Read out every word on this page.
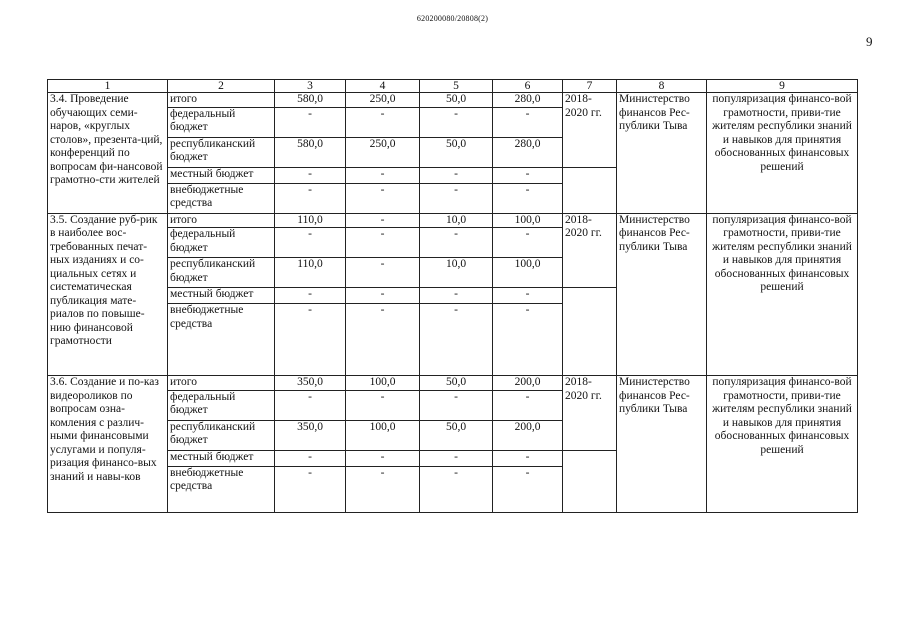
620200080/20808(2)
9
1	2	3	4	5	6	7	8	9
3.4. Проведение обучающих семи-наров, «круглых столов», презента-ций, конференций по вопросам фи-нансовой грамотно-сти жителей	итого	580,0	250,0	50,0	280,0	2018-2020 гг.	Министерство финансов Рес-публики Тыва	популяризация финансо-вой грамотности, приви-тие жителям республики знаний и навыков для принятия обоснованных финансовых решений
	федеральный бюджет	-	-	-	-			
	республиканский бюджет	580,0	250,0	50,0	280,0			
	местный бюджет	-	-	-	-			
	внебюджетные средства	-	-	-	-			
3.5. Создание руб-рик в наиболее вос-требованных печат-ных изданиях и со-циальных сетях и систематическая публикация мате-риалов по повыше-нию финансовой грамотности	итого	110,0	-	10,0	100,0	2018-2020 гг.	Министерство финансов Рес-публики Тыва	популяризация финансо-вой грамотности, приви-тие жителям республики знаний и навыков для принятия обоснованных финансовых решений
	федеральный бюджет	-	-	-	-			
	республиканский бюджет	110,0	-	10,0	100,0			
	местный бюджет	-	-	-	-			
	внебюджетные средства	-	-	-	-			
3.6. Создание и по-каз видеороликов по вопросам озна-комления с различ-ными финансовыми услугами и популя-ризация финансо-вых знаний и навы-ков	итого	350,0	100,0	50,0	200,0	2018-2020 гг.	Министерство финансов Рес-публики Тыва	популяризация финансо-вой грамотности, приви-тие жителям республики знаний и навыков для принятия обоснованных финансовых решений
	федеральный бюджет	-	-	-	-			
	республиканский бюджет	350,0	100,0	50,0	200,0			
	местный бюджет	-	-	-	-			
	внебюджетные средства	-	-	-	-			
